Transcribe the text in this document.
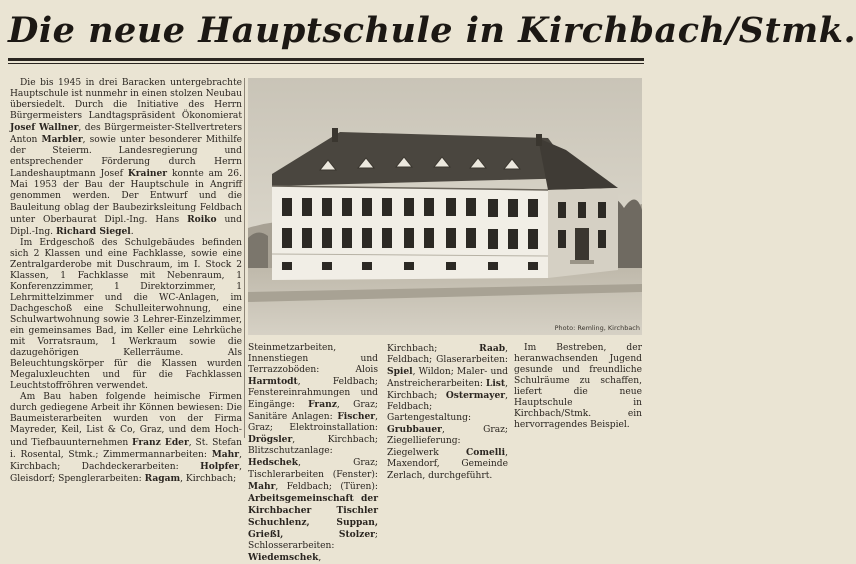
Die neue Hauptschule in Kirchbach/Stmk.

Die bis 1945 in drei Baracken untergebrachte Hauptschule ist nunmehr in einen stolzen Neubau übersiedelt. Durch die Initiative des Herrn Bürgermeisters Landtagspräsident Ökonomierat Josef Wallner, des Bürgermeister-Stellvertreters Anton Marbler, sowie unter besonderer Mithilfe der Steierm. Landesregierung und entsprechender Förderung durch Herrn Landeshauptmann Josef Krainer konnte am 26. Mai 1953 der Bau der Hauptschule in Angriff genommen werden. Der Entwurf und die Bauleitung oblag der Baubezirksleitung Feldbach unter Oberbaurat Dipl.-Ing. Hans Roiko und Dipl.-Ing. Richard Siegel.

Im Erdgeschoß des Schulgebäudes befinden sich 2 Klassen und eine Fachklasse, sowie eine Zentralgarderobe mit Duschraum, im I. Stock 2 Klassen, 1 Fachklasse mit Nebenraum, 1 Konferenzzimmer, 1 Direktorzimmer, 1 Lehrmittelzimmer und die WC-Anlagen, im Dachgeschoß eine Schulleiterwohnung, eine Schulwartwohnung sowie 3 Lehrer-Einzelzimmer, ein gemeinsames Bad, im Keller eine Lehrküche mit Vorratsraum, 1 Werkraum sowie die dazugehörigen Kellerräume. Als Beleuchtungskörper für die Klassen wurden Megaluxleuchten und für die Fachklassen Leuchtstoffröhren verwendet.

Am Bau haben folgende heimische Firmen durch gediegene Arbeit ihr Können bewiesen: Die Baumeisterarbeiten wurden von der Firma Mayreder, Keil, List & Co, Graz, und dem Hoch- und Tiefbauunternehmen Franz Eder, St. Stefan i. Rosental, Stmk.; Zimmermannarbeiten: Mahr, Kirchbach; Dachdeckerarbeiten: Holpfer, Gleisdorf; Spenglerarbeiten: Ragam, Kirchbach;

Photo: Remling, Kirchbach

Steinmetzarbeiten, Innenstiegen und Terrazzoböden: Alois Harmtodt, Feldbach; Fenstereinrahmungen und Eingänge: Franz, Graz; Sanitäre Anlagen: Fischer, Graz; Elektroinstallation: Drögsler, Kirchbach; Blitzschutzanlage: Hedschek, Graz; Tischlerarbeiten (Fenster): Mahr, Feldbach; (Türen): Arbeitsgemeinschaft der Kirchbacher Tischler Schuchlenz, Suppan, Grießl, Stolzer; Schlosserarbeiten: Wiedemschek,

Kirchbach; Raab, Feldbach; Glaserarbeiten: Spiel, Wildon; Maler- und Anstreicherarbeiten: List, Kirchbach; Ostermayer, Feldbach; Gartengestaltung: Grubbauer, Graz; Ziegellieferung: Ziegelwerk Comelli, Maxendorf, Gemeinde Zerlach, durchgeführt.

Im Bestreben, der heranwachsenden Jugend gesunde und freundliche Schulräume zu schaffen, liefert die neue Hauptschule in Kirchbach/Stmk. ein hervorragendes Beispiel.
